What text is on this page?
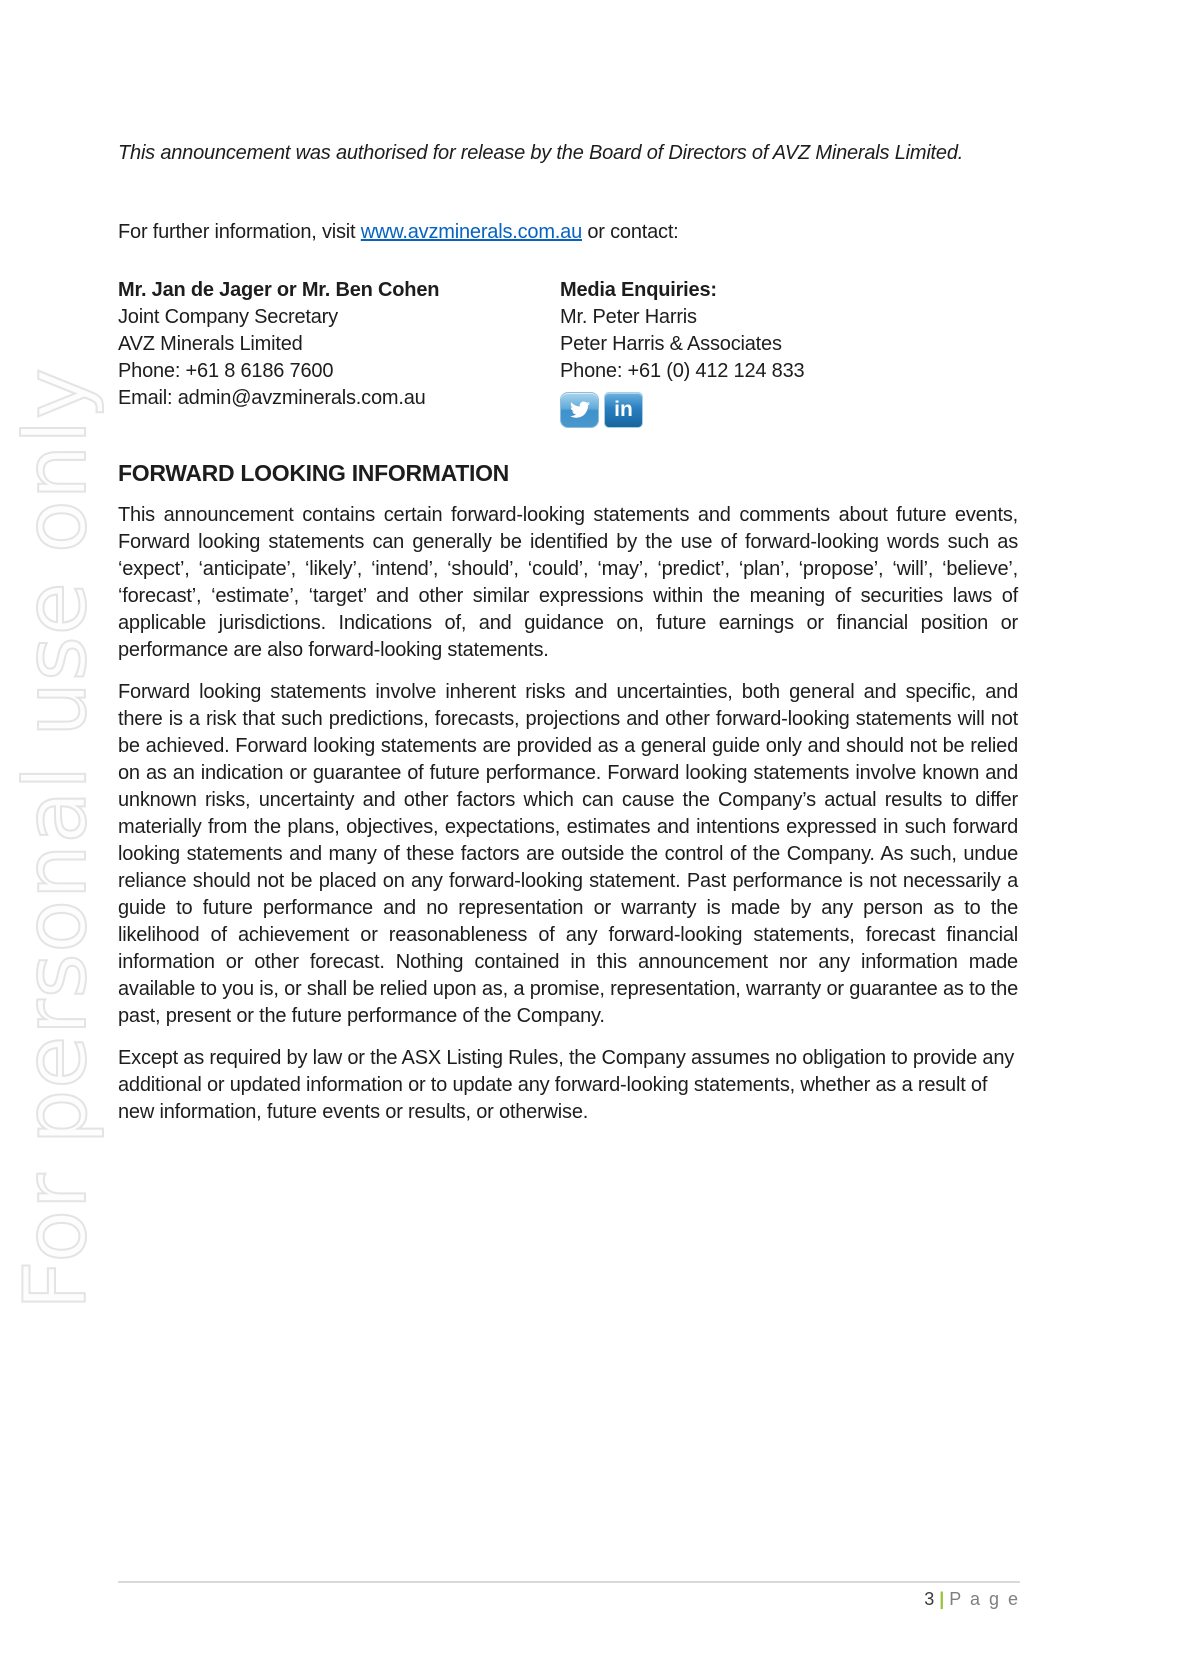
For personal use only

This announcement was authorised for release by the Board of Directors of AVZ Minerals Limited.

For further information, visit www.avzminerals.com.au or contact:

Mr. Jan de Jager or Mr. Ben Cohen
Joint Company Secretary
AVZ Minerals Limited
Phone: +61 8 6186 7600
Email: admin@avzminerals.com.au
Media Enquiries:
Mr. Peter Harris
Peter Harris & Associates
Phone: +61 (0) 412 124 833
in
FORWARD LOOKING INFORMATION

This announcement contains certain forward-looking statements and comments about future events, Forward looking statements can generally be identified by the use of forward-looking words such as ‘expect’, ‘anticipate’, ‘likely’, ‘intend’, ‘should’, ‘could’, ‘may’, ‘predict’, ‘plan’, ‘propose’, ‘will’, ‘believe’, ‘forecast’, ‘estimate’, ‘target’ and other similar expressions within the meaning of securities laws of applicable jurisdictions. Indications of, and guidance on, future earnings or financial position or performance are also forward-looking statements.

Forward looking statements involve inherent risks and uncertainties, both general and specific, and there is a risk that such predictions, forecasts, projections and other forward-looking statements will not be achieved. Forward looking statements are provided as a general guide only and should not be relied on as an indication or guarantee of future performance. Forward looking statements involve known and unknown risks, uncertainty and other factors which can cause the Company’s actual results to differ materially from the plans, objectives, expectations, estimates and intentions expressed in such forward looking statements and many of these factors are outside the control of the Company. As such, undue reliance should not be placed on any forward-looking statement. Past performance is not necessarily a guide to future performance and no representation or warranty is made by any person as to the likelihood of achievement or reasonableness of any forward-looking statements, forecast financial information or other forecast. Nothing contained in this announcement nor any information made available to you is, or shall be relied upon as, a promise, representation, warranty or guarantee as to the past, present or the future performance of the Company.

Except as required by law or the ASX Listing Rules, the Company assumes no obligation to provide any additional or updated information or to update any forward-looking statements, whether as a result of new information, future events or results, or otherwise.

3 | P a g e
